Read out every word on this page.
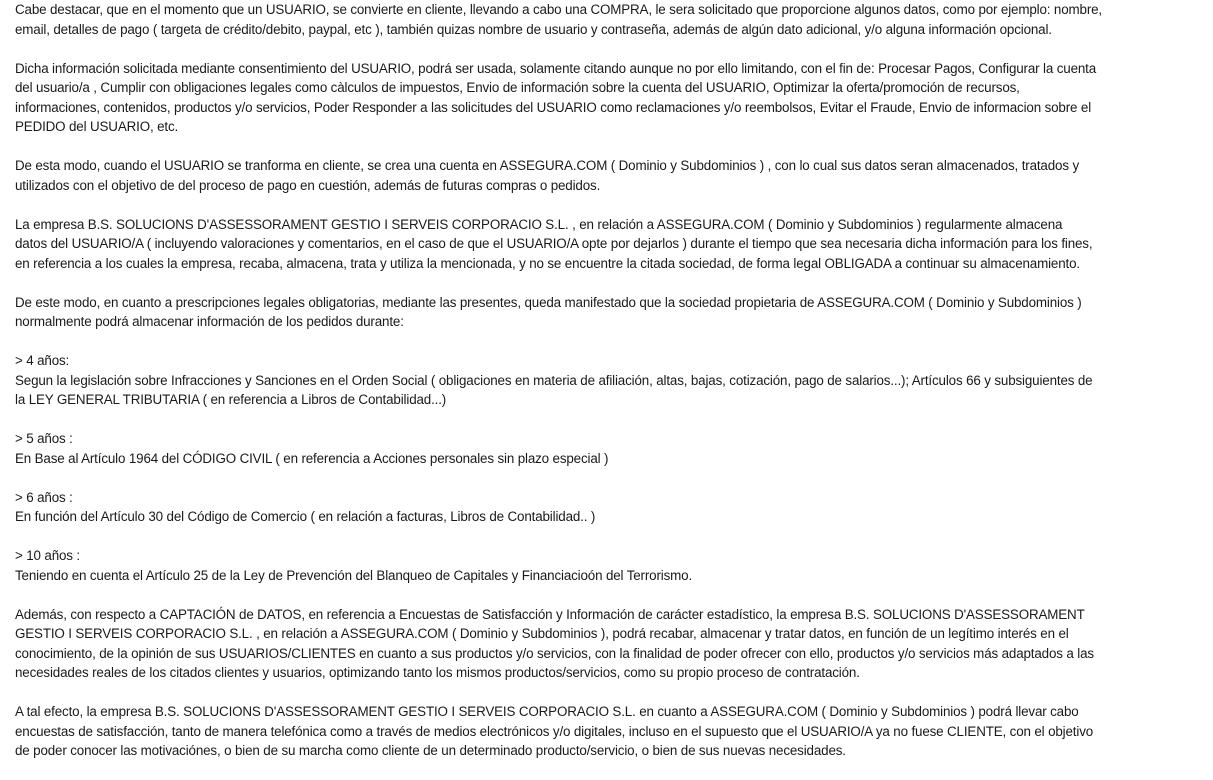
Cabe destacar, que en el momento que un USUARIO, se convierte en cliente, llevando a cabo una COMPRA, le sera solicitado que proporcione algunos datos, como por ejemplo: nombre,
email, detalles de pago ( targeta de crédito/debito, paypal, etc ), también quizas nombre de usuario y contraseña, además de algún dato adicional, y/o alguna información opcional.

Dicha información solicitada mediante consentimiento del USUARIO, podrá ser usada, solamente citando aunque no por ello limitando, con el fin de: Procesar Pagos, Configurar la cuenta
del usuario/a , Cumplir con obligaciones legales como càlculos de impuestos, Envio de información sobre la cuenta del USUARIO, Optimizar la oferta/promoción de recursos,
informaciones, contenidos, productos y/o servicios, Poder Responder a las solicitudes del USUARIO como reclamaciones y/o reembolsos, Evitar el Fraude, Envio de informacion sobre el
PEDIDO del USUARIO, etc.

De esta modo, cuando el USUARIO se tranforma en cliente, se crea una cuenta en ASSEGURA.COM ( Dominio y Subdominios ) , con lo cual sus datos seran almacenados, tratados y
utilizados con el objetivo de del proceso de pago en cuestión, además de futuras compras o pedidos.

La empresa B.S. SOLUCIONS D'ASSESSORAMENT GESTIO I SERVEIS CORPORACIO S.L. , en relación a ASSEGURA.COM ( Dominio y Subdominios ) regularmente almacena
datos del USUARIO/A ( incluyendo valoraciones y comentarios, en el caso de que el USUARIO/A opte por dejarlos ) durante el tiempo que sea necesaria dicha información para los fines,
en referencia a los cuales la empresa, recaba, almacena, trata y utiliza la mencionada, y no se encuentre la citada sociedad, de forma legal OBLIGADA a continuar su almacenamiento.

De este modo, en cuanto a prescripciones legales obligatorias, mediante las presentes, queda manifestado que la sociedad propietaria de ASSEGURA.COM ( Dominio y Subdominios )
normalmente podrá almacenar información de los pedidos durante:

> 4 años:
Segun la legislación sobre Infracciones y Sanciones en el Orden Social ( obligaciones en materia de afiliación, altas, bajas, cotización, pago de salarios...); Artículos 66 y subsiguientes de
la LEY GENERAL TRIBUTARIA ( en referencia a Libros de Contabilidad...)

> 5 años :
En Base al Artículo 1964 del CÓDIGO CIVIL ( en referencia a Acciones personales sin plazo especial )

> 6 años :
En función del Artículo 30 del Código de Comercio ( en relación a facturas, Libros de Contabilidad.. )

> 10 años :
Teniendo en cuenta el Artículo 25 de la Ley de Prevención del Blanqueo de Capitales y Financiacioón del Terrorismo.

Además, con respecto a CAPTACIÓN de DATOS, en referencia a Encuestas de Satisfacción y Información de carácter estadístico, la empresa B.S. SOLUCIONS D'ASSESSORAMENT
GESTIO I SERVEIS CORPORACIO S.L. , en relación a ASSEGURA.COM ( Dominio y Subdominios ), podrá recabar, almacenar y tratar datos, en función de un legítimo interés en el
conocimiento, de la opinión de sus USUARIOS/CLIENTES en cuanto a sus productos y/o servicios, con la finalidad de poder ofrecer con ello, productos y/o servicios más adaptados a las
necesidades reales de los citados clientes y usuarios, optimizando tanto los mismos productos/servicios, como su propio proceso de contratación.

A tal efecto, la empresa B.S. SOLUCIONS D'ASSESSORAMENT GESTIO I SERVEIS CORPORACIO S.L. en cuanto a ASSEGURA.COM ( Dominio y Subdominios ) podrá llevar cabo
encuestas de satisfacción, tanto de manera telefónica como a través de medios electrónicos y/o digitales, incluso en el supuesto que el USUARIO/A ya no fuese CLIENTE, con el objetivo
de poder conocer las motivaciónes, o bien de su marcha como cliente de un determinado producto/servicio, o bien de sus nuevas necesidades.
